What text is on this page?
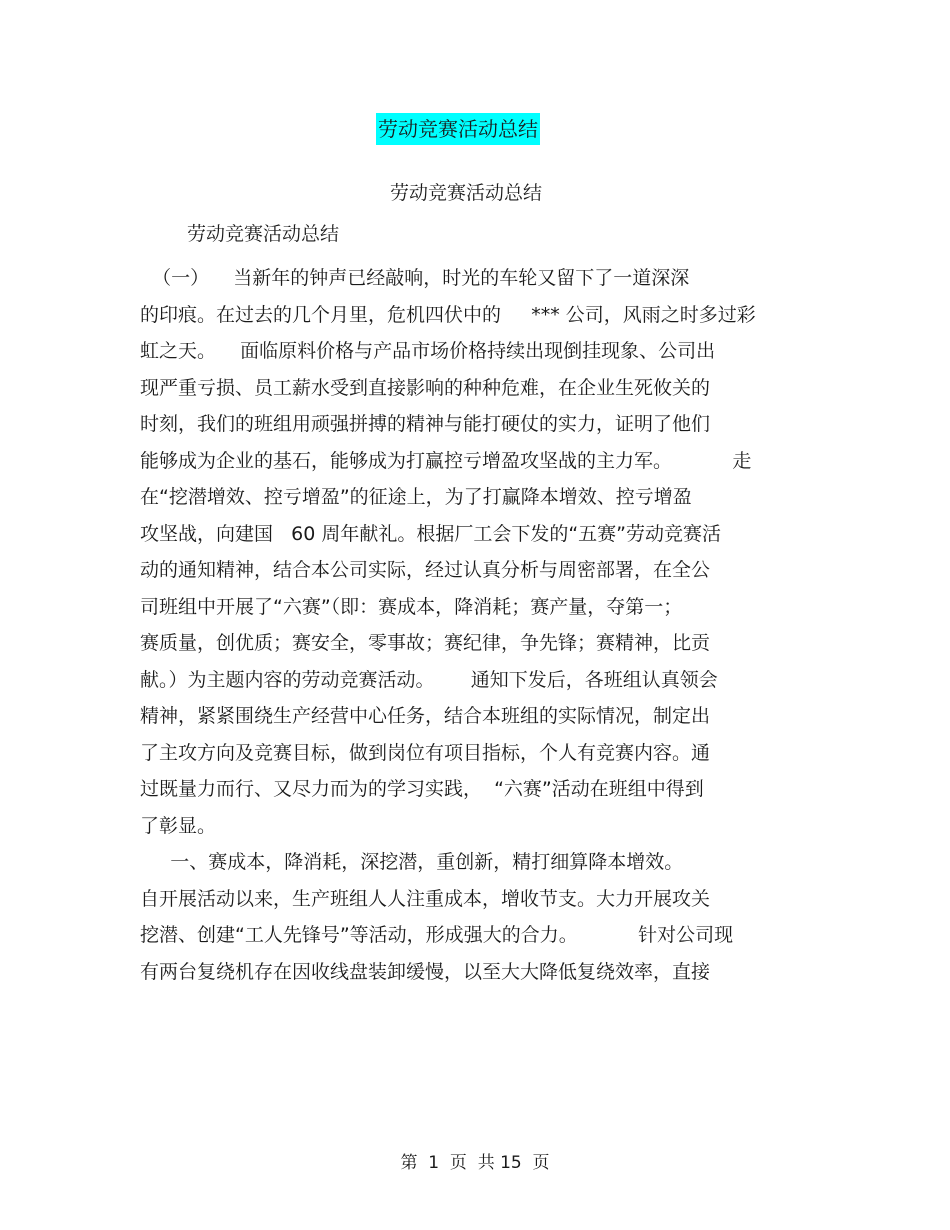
劳动竞赛活动总结
劳动竞赛活动总结
劳动竞赛活动总结
（一）    当新年的钟声已经敲响，时光的车轮又留下了一道深深
的印痕。在过去的几个月里，危机四伏中的     *** 公司，风雨之时多过彩
虹之天。    面临原料价格与产品市场价格持续出现倒挂现象、公司出
现严重亏损、员工薪水受到直接影响的种种危难，在企业生死攸关的
时刻，我们的班组用顽强拼搏的精神与能打硬仗的实力，证明了他们
能够成为企业的基石，能够成为打赢控亏增盈攻坚战的主力军。          走
在“挖潜增效、控亏增盈”的征途上，为了打赢降本增效、控亏增盈
攻坚战，向建国   60 周年献礼。根据厂工会下发的“五赛”劳动竞赛活
动的通知精神，结合本公司实际，经过认真分析与周密部署，在全公
司班组中开展了“六赛”（即：赛成本，降消耗；赛产量，夺第一；
赛质量，创优质；赛安全，零事故；赛纪律，争先锋；赛精神，比贡
献。）为主题内容的劳动竞赛活动。      通知下发后，各班组认真领会
精神，紧紧围绕生产经营中心任务，结合本班组的实际情况，制定出
了主攻方向及竞赛目标，做到岗位有项目指标，个人有竞赛内容。通
过既量力而行、又尽力而为的学习实践，  “六赛”活动在班组中得到
了彰显。
一、赛成本，降消耗，深挖潜，重创新，精打细算降本增效。
自开展活动以来，生产班组人人注重成本，增收节支。大力开展攻关
挖潜、创建“工人先锋号”等活动，形成强大的合力。          针对公司现
有两台复绕机存在因收线盘装卸缓慢，以至大大降低复绕效率，直接
第  1  页  共 15  页
